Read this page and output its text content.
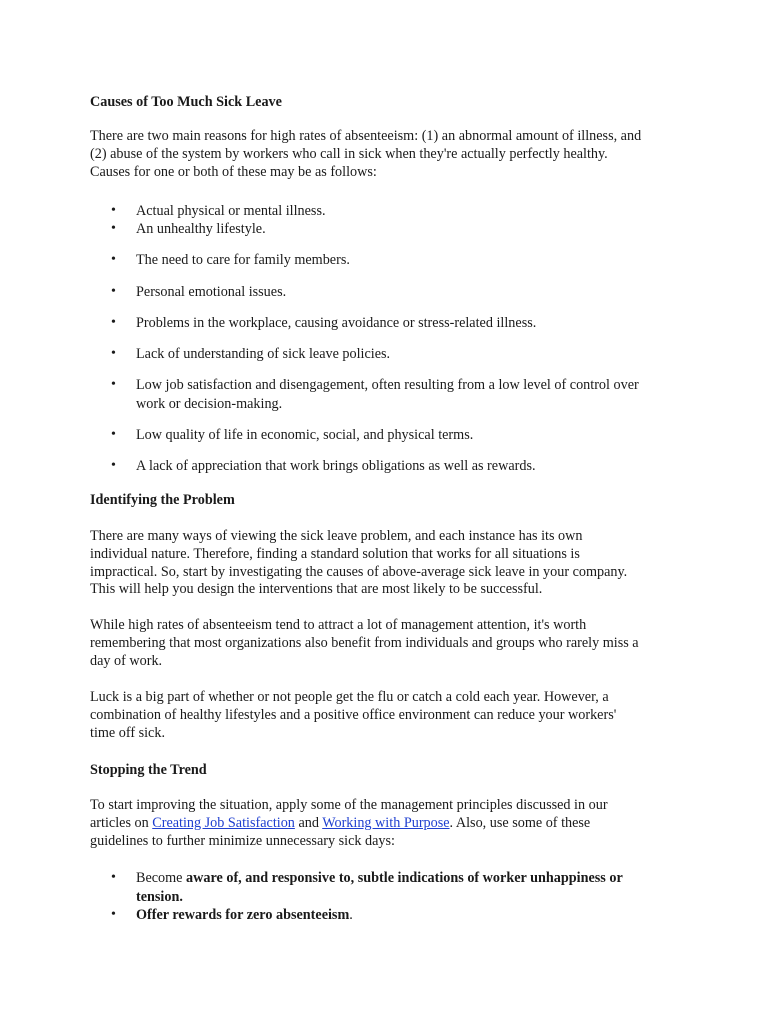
Causes of Too Much Sick Leave
There are two main reasons for high rates of absenteeism: (1) an abnormal amount of illness, and
(2) abuse of the system by workers who call in sick when they're actually perfectly healthy.
Causes for one or both of these may be as follows:
• Actual physical or mental illness.
• An unhealthy lifestyle.
• The need to care for family members.
• Personal emotional issues.
• Problems in the workplace, causing avoidance or stress-related illness.
• Lack of understanding of sick leave policies.
• Low job satisfaction and disengagement, often resulting from a low level of control over
work or decision-making.
• Low quality of life in economic, social, and physical terms.
• A lack of appreciation that work brings obligations as well as rewards.
Identifying the Problem
There are many ways of viewing the sick leave problem, and each instance has its own
individual nature. Therefore, finding a standard solution that works for all situations is
impractical. So, start by investigating the causes of above-average sick leave in your company.
This will help you design the interventions that are most likely to be successful.
While high rates of absenteeism tend to attract a lot of management attention, it's worth
remembering that most organizations also benefit from individuals and groups who rarely miss a
day of work.
Luck is a big part of whether or not people get the flu or catch a cold each year. However, a
combination of healthy lifestyles and a positive office environment can reduce your workers'
time off sick.
Stopping the Trend
To start improving the situation, apply some of the management principles discussed in our
articles on Creating Job Satisfaction and Working with Purpose. Also, use some of these
guidelines to further minimize unnecessary sick days:
• Become aware of, and responsive to, subtle indications of worker unhappiness or
tension.
• Offer rewards for zero absenteeism.
